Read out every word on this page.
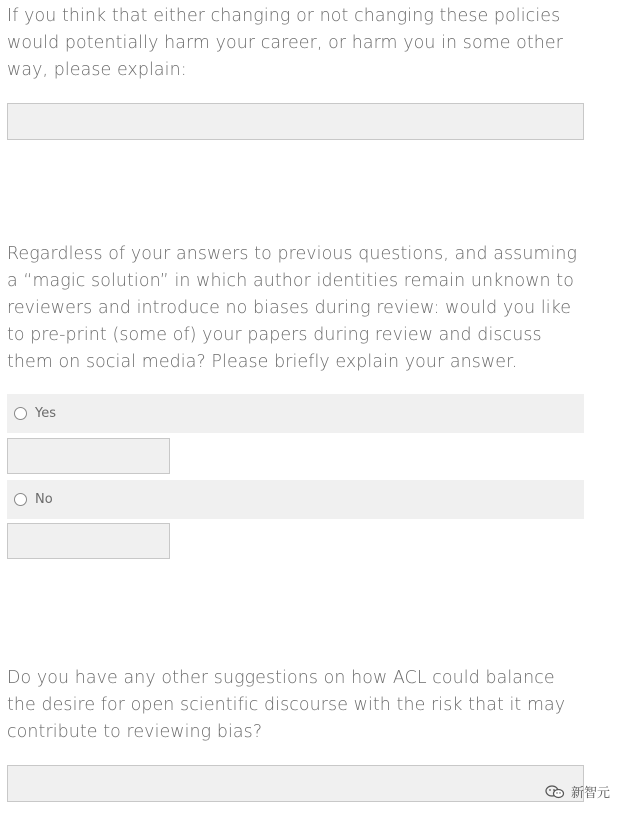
If you think that either changing or not changing these policies would potentially harm your career, or harm you in some other way, please explain:
Regardless of your answers to previous questions, and assuming a “magic solution” in which author identities remain unknown to reviewers and introduce no biases during review: would you like to pre-print (some of) your papers during review and discuss them on social media? Please briefly explain your answer.
Yes
No
Do you have any other suggestions on how ACL could balance the desire for open scientific discourse with the risk that it may contribute to reviewing bias?
新智元
